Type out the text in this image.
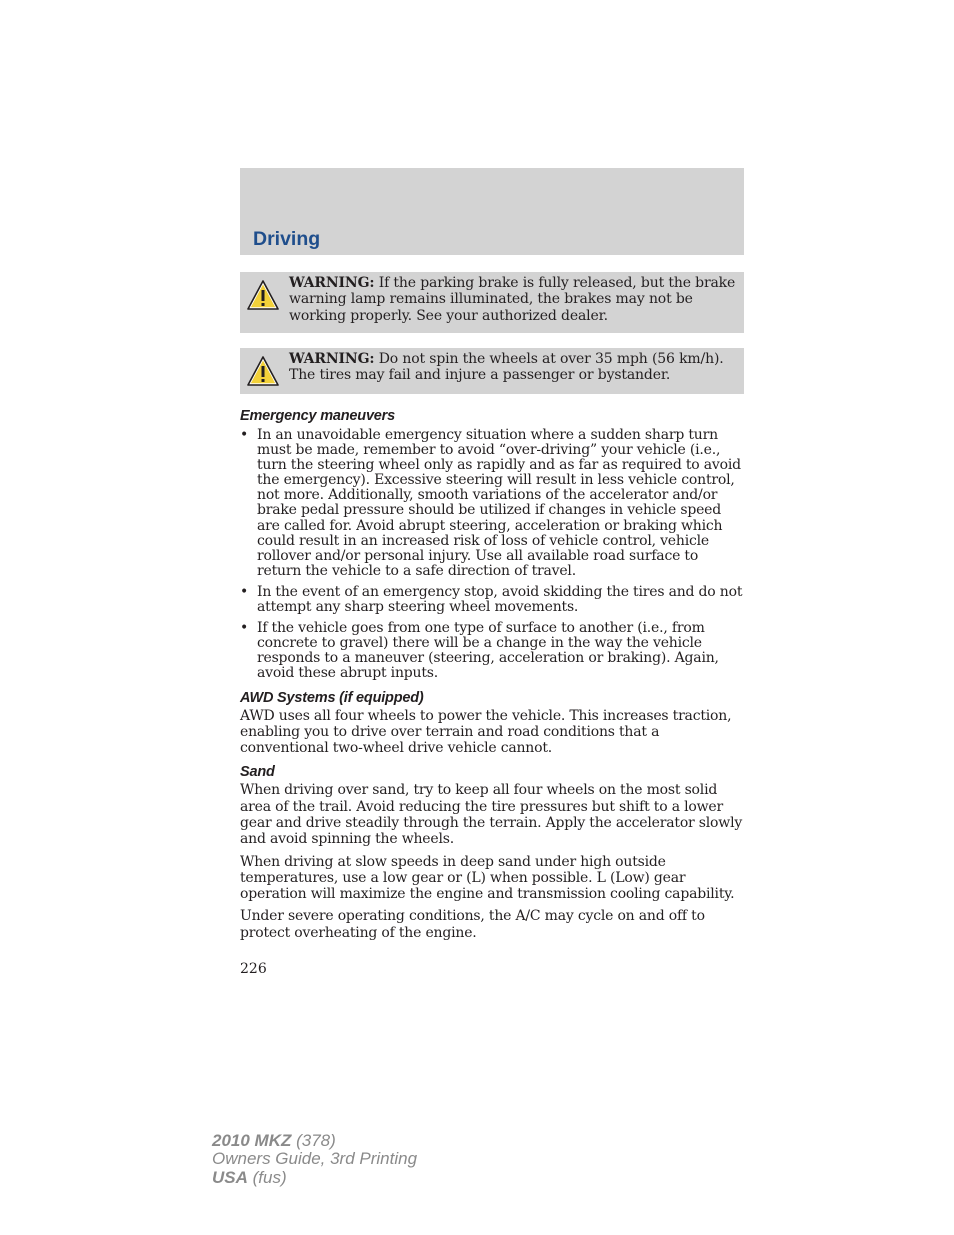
Driving
WARNING: If the parking brake is fully released, but the brake warning lamp remains illuminated, the brakes may not be working properly. See your authorized dealer.
WARNING: Do not spin the wheels at over 35 mph (56 km/h). The tires may fail and injure a passenger or bystander.
Emergency maneuvers
• In an unavoidable emergency situation where a sudden sharp turn must be made, remember to avoid “over-driving” your vehicle (i.e., turn the steering wheel only as rapidly and as far as required to avoid the emergency). Excessive steering will result in less vehicle control, not more. Additionally, smooth variations of the accelerator and/or brake pedal pressure should be utilized if changes in vehicle speed are called for. Avoid abrupt steering, acceleration or braking which could result in an increased risk of loss of vehicle control, vehicle rollover and/or personal injury. Use all available road surface to return the vehicle to a safe direction of travel.
• In the event of an emergency stop, avoid skidding the tires and do not attempt any sharp steering wheel movements.
• If the vehicle goes from one type of surface to another (i.e., from concrete to gravel) there will be a change in the way the vehicle responds to a maneuver (steering, acceleration or braking). Again, avoid these abrupt inputs.
AWD Systems (if equipped)

AWD uses all four wheels to power the vehicle. This increases traction, enabling you to drive over terrain and road conditions that a conventional two-wheel drive vehicle cannot.

Sand

When driving over sand, try to keep all four wheels on the most solid area of the trail. Avoid reducing the tire pressures but shift to a lower gear and drive steadily through the terrain. Apply the accelerator slowly and avoid spinning the wheels.

When driving at slow speeds in deep sand under high outside temperatures, use a low gear or (L) when possible. L (Low) gear operation will maximize the engine and transmission cooling capability.

Under severe operating conditions, the A/C may cycle on and off to protect overheating of the engine.

226
2010 MKZ (378)
Owners Guide, 3rd Printing
USA (fus)
